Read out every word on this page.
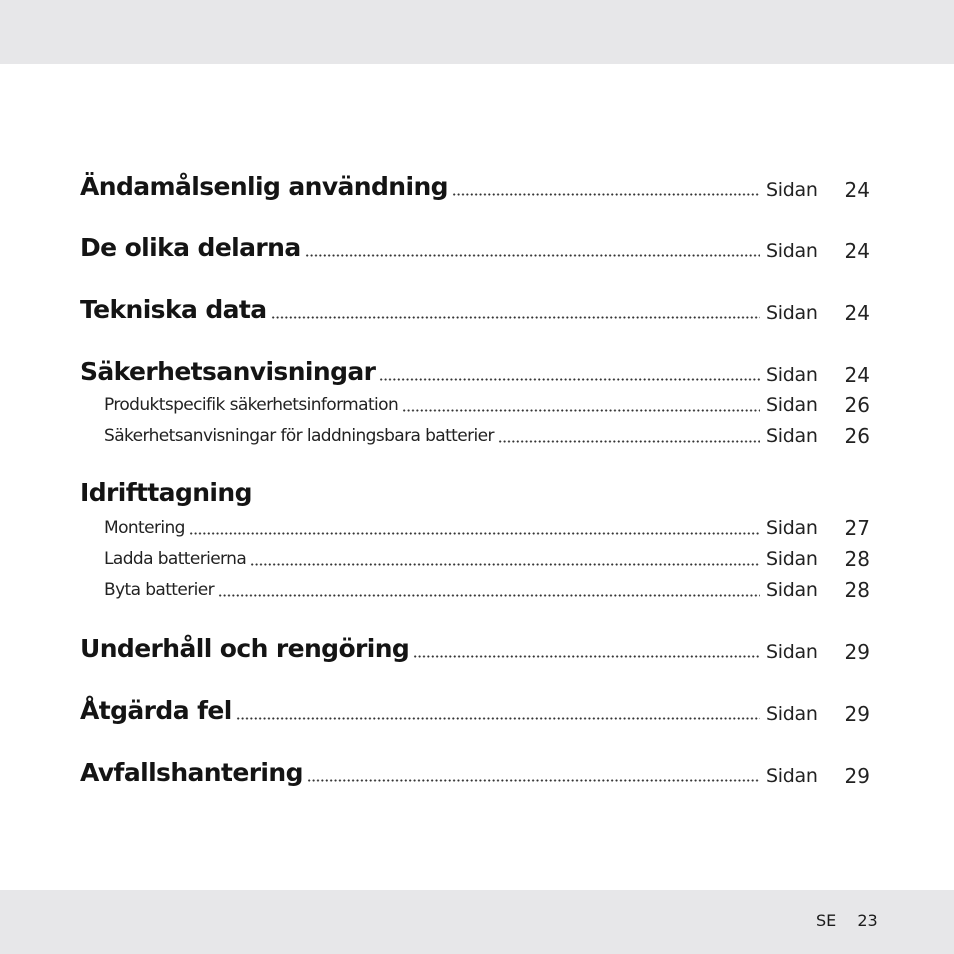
Ändamålsenlig användning	Sidan	24
De olika delarna	Sidan	24
Tekniska data	Sidan	24
Säkerhetsanvisningar	Sidan	24
Produktspecifik säkerhetsinformation	Sidan	26
Säkerhetsanvisningar för laddningsbara batterier	Sidan	26
Idrifttagning
Montering	Sidan	27
Ladda batterierna	Sidan	28
Byta batterier	Sidan	28
Underhåll och rengöring	Sidan	29
Åtgärda fel	Sidan	29
Avfallshantering	Sidan	29
SE 23
